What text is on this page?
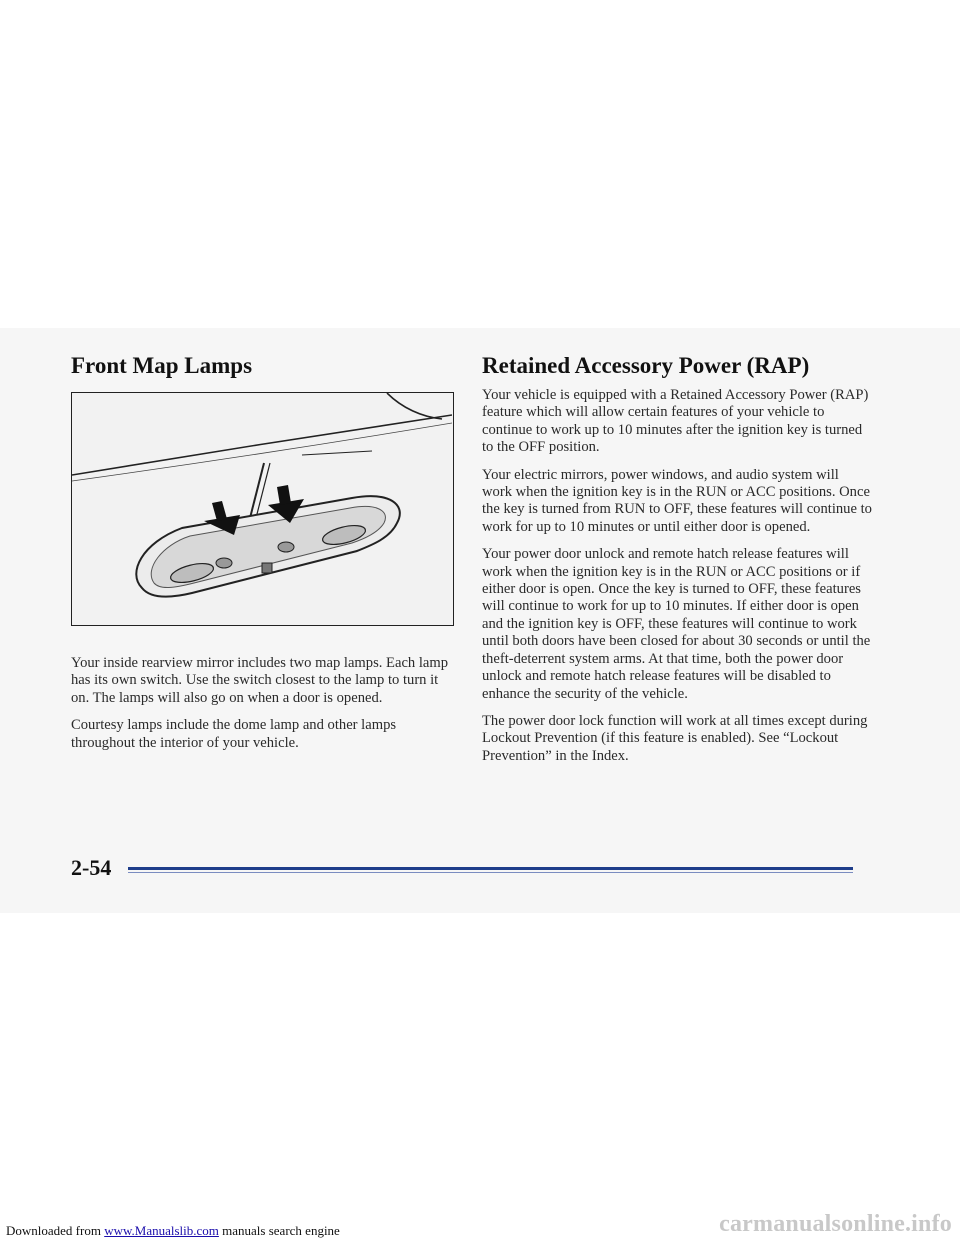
Front Map Lamps	Retained Accessory Power (RAP)

Your inside rearview mirror includes two map lamps. Each lamp has its own switch. Use the switch closest to the lamp to turn it on. The lamps will also go on when a door is opened.

Courtesy lamps include the dome lamp and other lamps throughout the interior of your vehicle.

Your vehicle is equipped with a Retained Accessory Power (RAP) feature which will allow certain features of your vehicle to continue to work up to 10 minutes after the ignition key is turned to the OFF position.

Your electric mirrors, power windows, and audio system will work when the ignition key is in the RUN or ACC positions. Once the key is turned from RUN to OFF, these features will continue to work for up to 10 minutes or until either door is opened.

Your power door unlock and remote hatch release features will work when the ignition key is in the RUN or ACC positions or if either door is open. Once the key is turned to OFF, these features will continue to work for up to 10 minutes. If either door is open and the ignition key is OFF, these features will continue to work until both doors have been closed for about 30 seconds or until the theft-deterrent system arms. At that time, both the power door unlock and remote hatch release features will be disabled to enhance the security of the vehicle.

The power door lock function will work at all times except during Lockout Prevention (if this feature is enabled). See “Lockout Prevention” in the Index.

2-54
Downloaded from www.Manualslib.com manuals search engine	carmanualsonline.info
